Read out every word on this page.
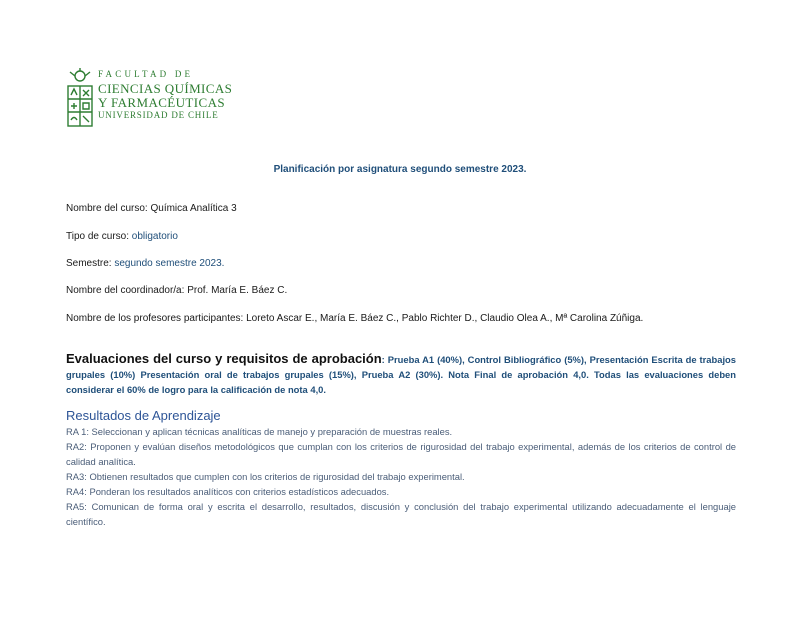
FACULTAD DE
CIENCIAS QUÍMICAS
Y FARMACÉUTICAS
UNIVERSIDAD DE CHILE
Planificación por asignatura segundo semestre 2023.
Nombre del curso: Química Analítica 3
Tipo de curso: obligatorio
Semestre: segundo semestre 2023.
Nombre del coordinador/a: Prof. María E. Báez C.
Nombre de los profesores participantes: Loreto Ascar E., María E. Báez C., Pablo Richter D., Claudio Olea A., Mª Carolina Zúñiga.
Evaluaciones del curso y requisitos de aprobación: Prueba A1 (40%), Control Bibliográfico (5%), Presentación Escrita de trabajos grupales (10%) Presentación oral de trabajos grupales (15%), Prueba A2 (30%). Nota Final de aprobación 4,0. Todas las evaluaciones deben considerar el 60% de logro para la calificación de nota 4,0.
Resultados de Aprendizaje

RA 1: Seleccionan y aplican técnicas analíticas de manejo y preparación de muestras reales.

RA2: Proponen y evalúan diseños metodológicos que cumplan con los criterios de rigurosidad del trabajo experimental, además de los criterios de control de calidad analítica.

RA3: Obtienen resultados que cumplen con los criterios de rigurosidad del trabajo experimental.

RA4: Ponderan los resultados analíticos con criterios estadísticos adecuados.

RA5: Comunican de forma oral y escrita el desarrollo, resultados, discusión y conclusión del trabajo experimental utilizando adecuadamente el lenguaje científico.
